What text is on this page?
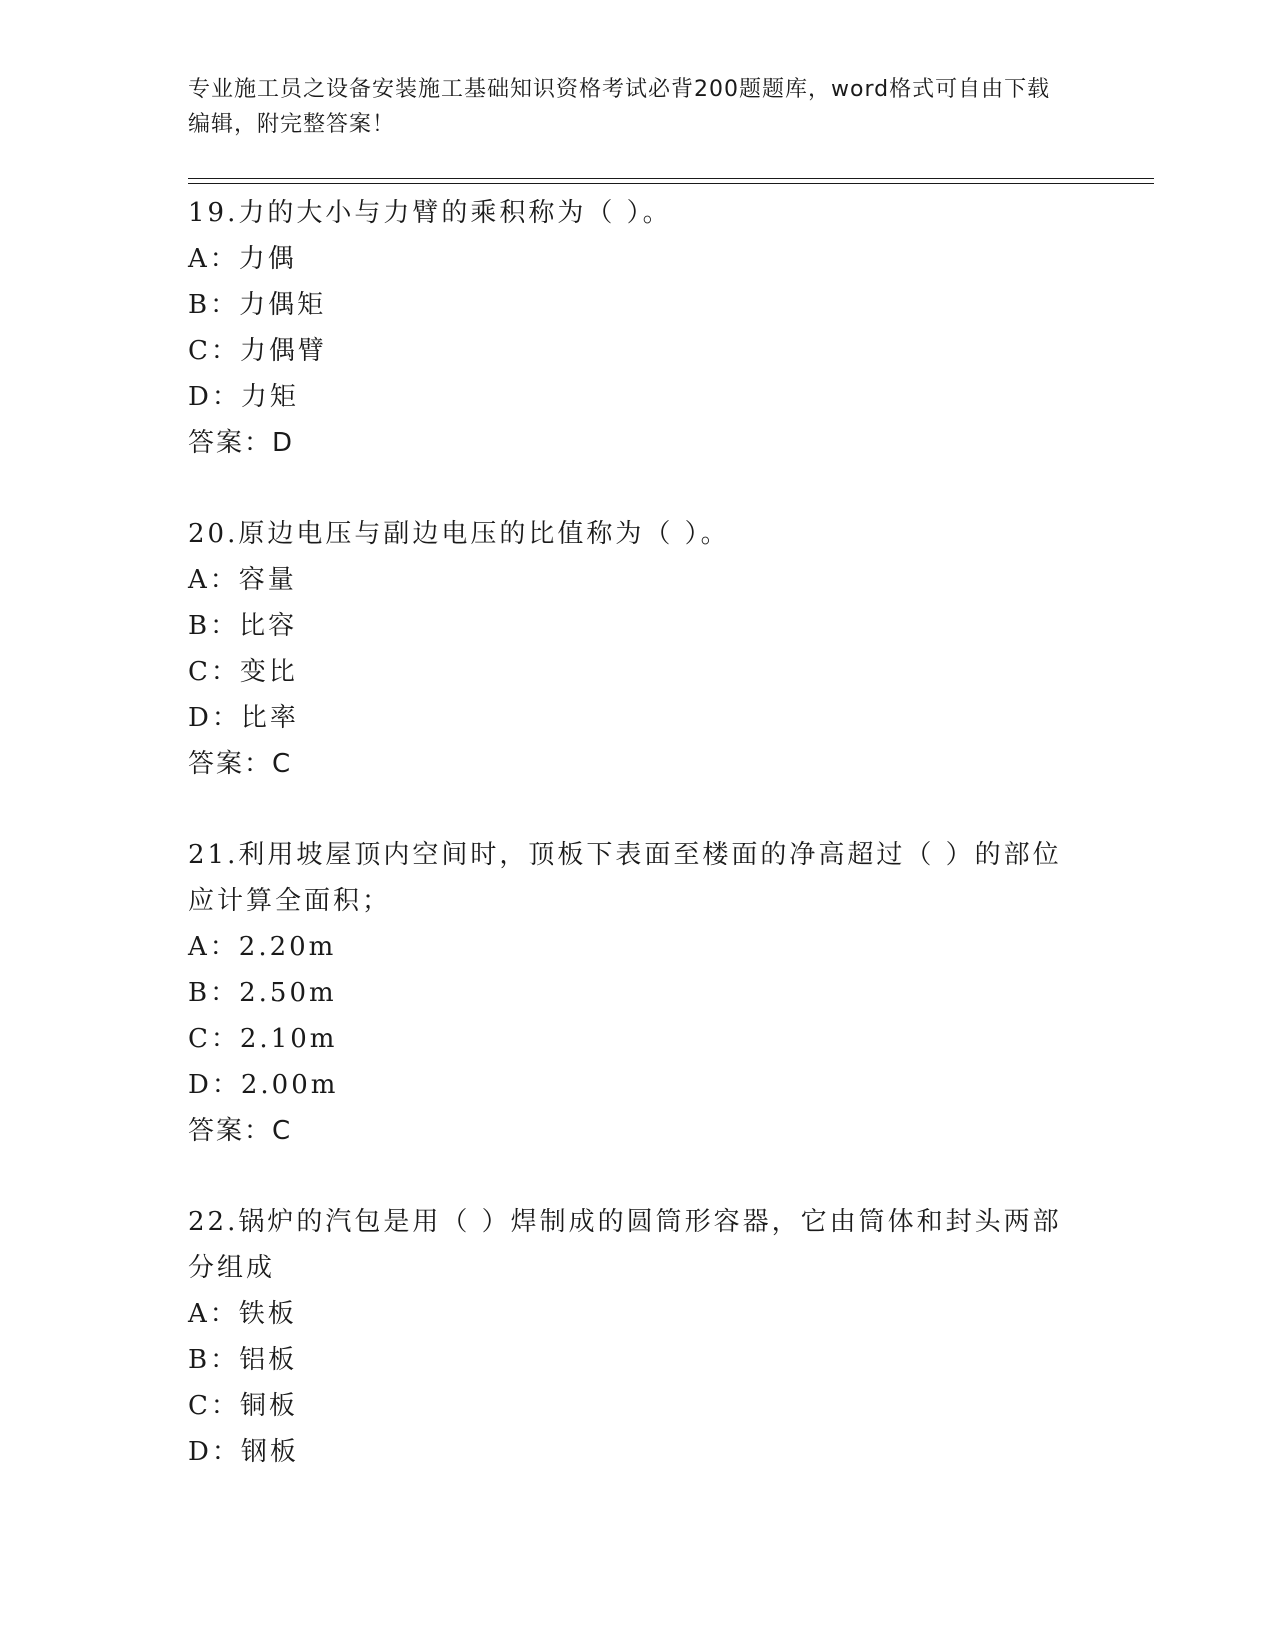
专业施工员之设备安装施工基础知识资格考试必背200题题库，word格式可自由下载编辑，附完整答案！
19.力的大小与力臂的乘积称为（ ）。
A：力偶
B：力偶矩
C：力偶臂
D：力矩
答案：D
20.原边电压与副边电压的比值称为（ ）。
A：容量
B：比容
C：变比
D：比率
答案：C
21.利用坡屋顶内空间时，顶板下表面至楼面的净高超过（ ）的部位应计算全面积；
A：2.20m
B：2.50m
C：2.10m
D：2.00m
答案：C
22.锅炉的汽包是用（ ）焊制成的圆筒形容器，它由筒体和封头两部分组成
A：铁板
B：铝板
C：铜板
D：钢板
